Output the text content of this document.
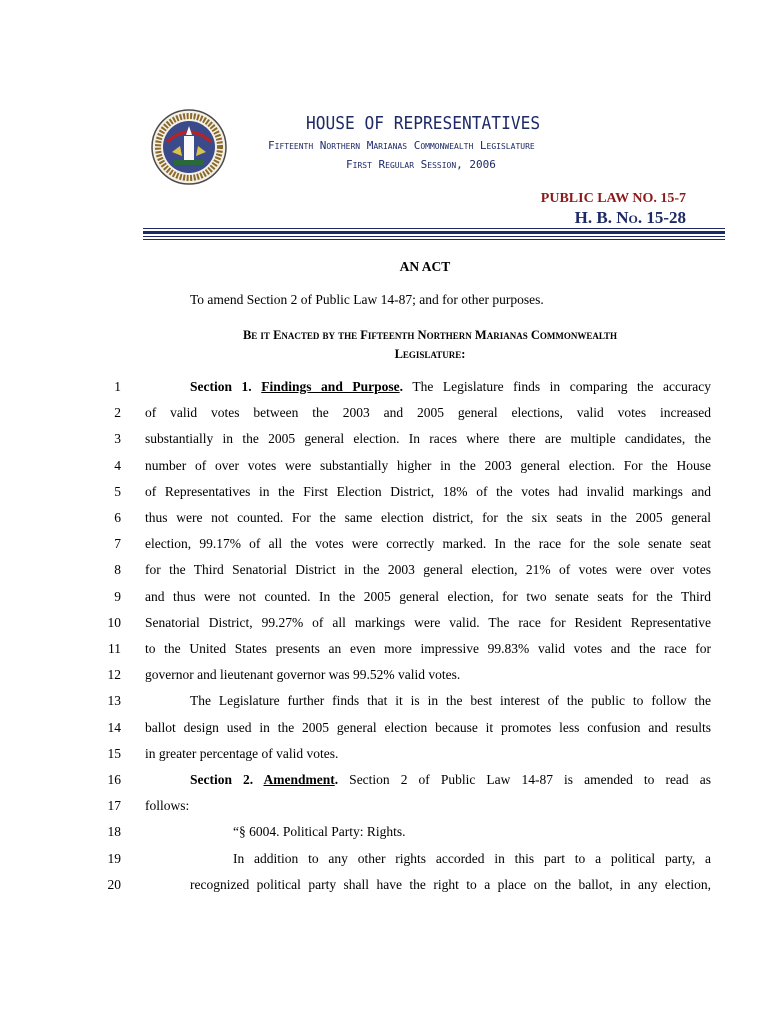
HOUSE OF REPRESENTATIVES
Fifteenth Northern Marianas Commonwealth Legislature
First Regular Session, 2006
PUBLIC LAW NO. 15-7
H. B. No. 15-28
AN ACT
To amend Section 2 of Public Law 14-87; and for other purposes.
Be it Enacted by the Fifteenth Northern Marianas Commonwealth
Legislature:
1	Section 1. Findings and Purpose. The Legislature finds in comparing the accuracy
2 of valid votes between the 2003 and 2005 general elections, valid votes increased
3 substantially in the 2005 general election. In races where there are multiple candidates, the
4 number of over votes were substantially higher in the 2003 general election. For the House
5 of Representatives in the First Election District, 18% of the votes had invalid markings and
6 thus were not counted. For the same election district, for the six seats in the 2005 general
7 election, 99.17% of all the votes were correctly marked. In the race for the sole senate seat
8 for the Third Senatorial District in the 2003 general election, 21% of votes were over votes
9 and thus were not counted. In the 2005 general election, for two senate seats for the Third
10 Senatorial District, 99.27% of all markings were valid. The race for Resident Representative
11 to the United States presents an even more impressive 99.83% valid votes and the race for
12 governor and lieutenant governor was 99.52% valid votes.
13	The Legislature further finds that it is in the best interest of the public to follow the
14 ballot design used in the 2005 general election because it promotes less confusion and results
15 in greater percentage of valid votes.
16	Section 2. Amendment. Section 2 of Public Law 14-87 is amended to read as
17 follows:
18	“§ 6004. Political Party: Rights.
19	In addition to any other rights accorded in this part to a political party, a
20	recognized political party shall have the right to a place on the ballot, in any election,
